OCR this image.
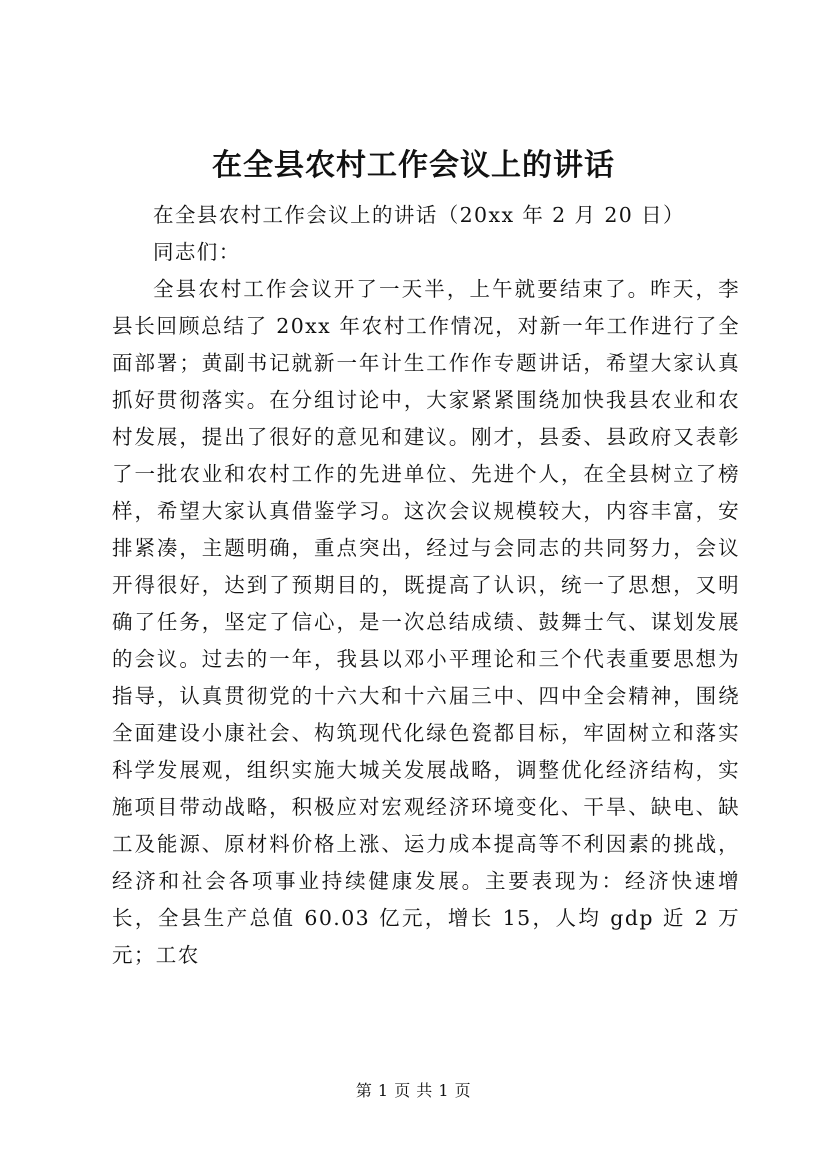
在全县农村工作会议上的讲话

在全县农村工作会议上的讲话（20xx 年 2 月 20 日）

同志们：

全县农村工作会议开了一天半，上午就要结束了。昨天，李县长回顾总结了 20xx 年农村工作情况，对新一年工作进行了全面部署；黄副书记就新一年计生工作作专题讲话，希望大家认真抓好贯彻落实。在分组讨论中，大家紧紧围绕加快我县农业和农村发展，提出了很好的意见和建议。刚才，县委、县政府又表彰了一批农业和农村工作的先进单位、先进个人，在全县树立了榜样，希望大家认真借鉴学习。这次会议规模较大，内容丰富，安排紧凑，主题明确，重点突出，经过与会同志的共同努力，会议开得很好，达到了预期目的，既提高了认识，统一了思想，又明确了任务，坚定了信心，是一次总结成绩、鼓舞士气、谋划发展的会议。过去的一年，我县以邓小平理论和三个代表重要思想为指导，认真贯彻党的十六大和十六届三中、四中全会精神，围绕全面建设小康社会、构筑现代化绿色瓷都目标，牢固树立和落实科学发展观，组织实施大城关发展战略，调整优化经济结构，实施项目带动战略，积极应对宏观经济环境变化、干旱、缺电、缺工及能源、原材料价格上涨、运力成本提高等不利因素的挑战，经济和社会各项事业持续健康发展。主要表现为：经济快速增长，全县生产总值 60.03 亿元，增长 15，人均 gdp 近 2 万元；工农

第 1 页 共 1 页
